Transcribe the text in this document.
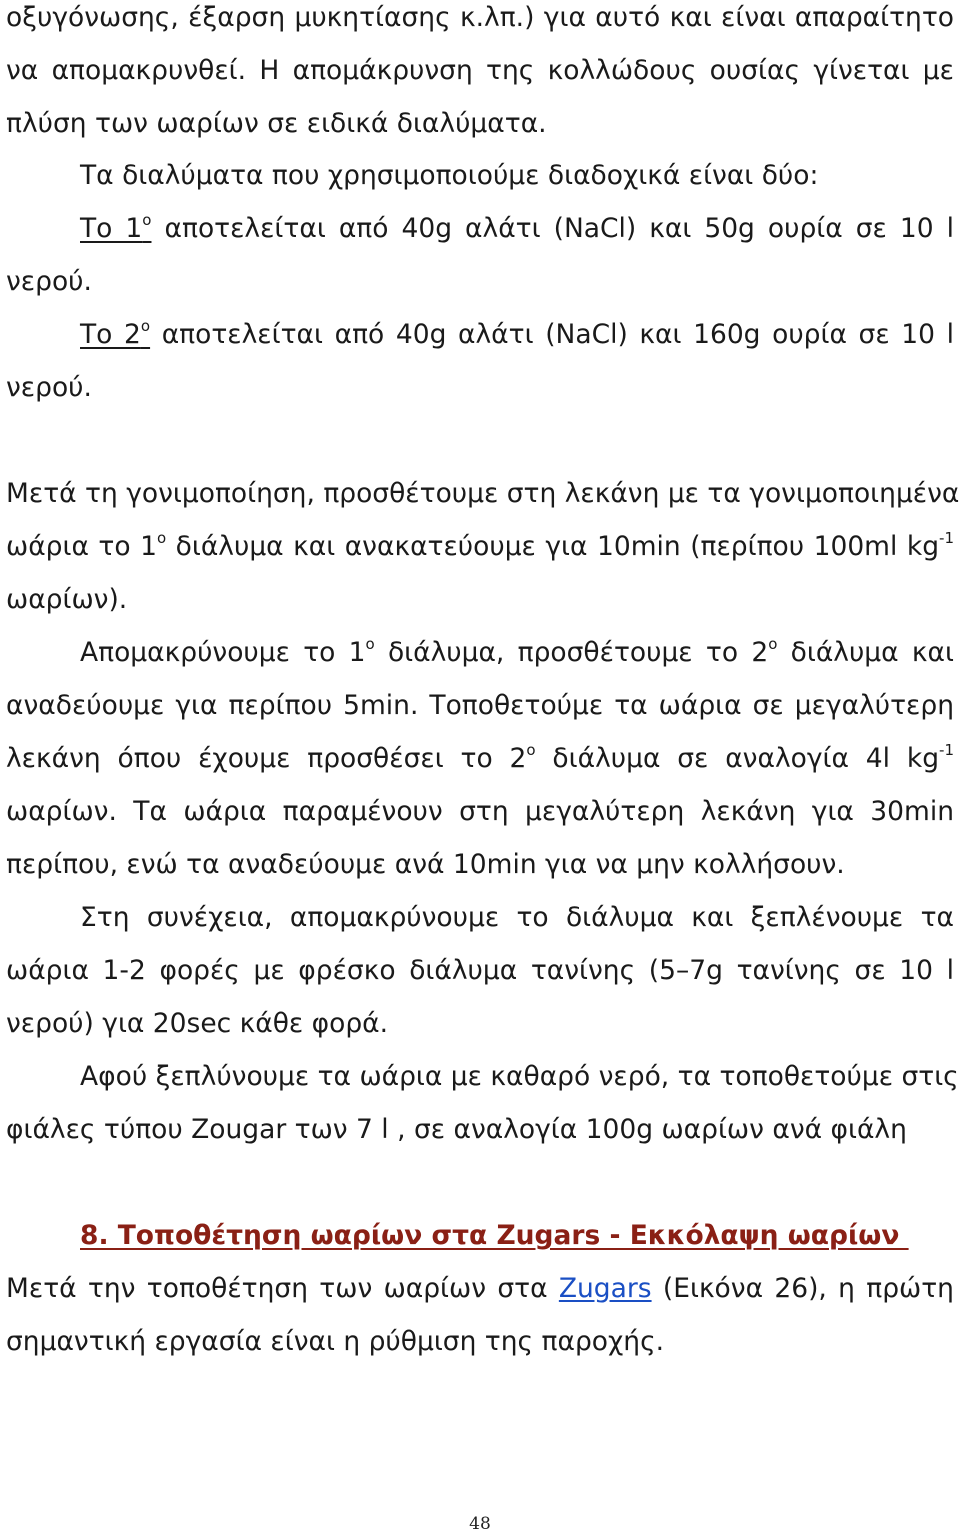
οξυγόνωσης, έξαρση μυκητίασης κ.λπ.) για αυτό και είναι απαραίτητο
να απομακρυνθεί. Η απομάκρυνση της κολλώδους ουσίας γίνεται με
πλύση των ωαρίων σε ειδικά διαλύματα.
Τα διαλύματα που χρησιμοποιούμε διαδοχικά είναι δύο:
Το $1^o$ αποτελείται από 40g αλάτι (NaCl) και 50g ουρία σε 10 l
νερού.
Το $2^o$ αποτελείται από 40g αλάτι (NaCl) και 160g ουρία σε 10 l
νερού.
Μετά τη γονιμοποίηση, προσθέτουμε στη λεκάνη με τα γονιμοποιημένα
ωάρια το $1^o$ διάλυμα και ανακατεύουμε για 10min (περίπου 100ml $kg^{-1}$
ωαρίων).
Απομακρύνουμε το $1^o$ διάλυμα, προσθέτουμε το $2^o$ διάλυμα και
αναδεύουμε για περίπου 5min. Τοποθετούμε τα ωάρια σε μεγαλύτερη
λεκάνη όπου έχουμε προσθέσει το $2^o$ διάλυμα σε αναλογία 4l $kg^{-1}$
ωαρίων. Τα ωάρια παραμένουν στη μεγαλύτερη λεκάνη για 30min
περίπου, ενώ τα αναδεύουμε ανά 10min για να μην κολλήσουν.
Στη συνέχεια, απομακρύνουμε το διάλυμα και ξεπλένουμε τα
ωάρια 1-2 φορές με φρέσκο διάλυμα τανίνης (5–7g τανίνης σε 10 l
νερού) για 20sec κάθε φορά.
Αφού ξεπλύνουμε τα ωάρια με καθαρό νερό, τα τοποθετούμε στις
φιάλες τύπου Zougar των 7 l , σε αναλογία 100g ωαρίων ανά φιάλη
8. Τοποθέτηση ωαρίων στα Zugars - Εκκόλαψη ωαρίων
Μετά την τοποθέτηση των ωαρίων στα Zugars (Εικόνα 26), η πρώτη
σημαντική εργασία είναι η ρύθμιση της παροχής.
48
